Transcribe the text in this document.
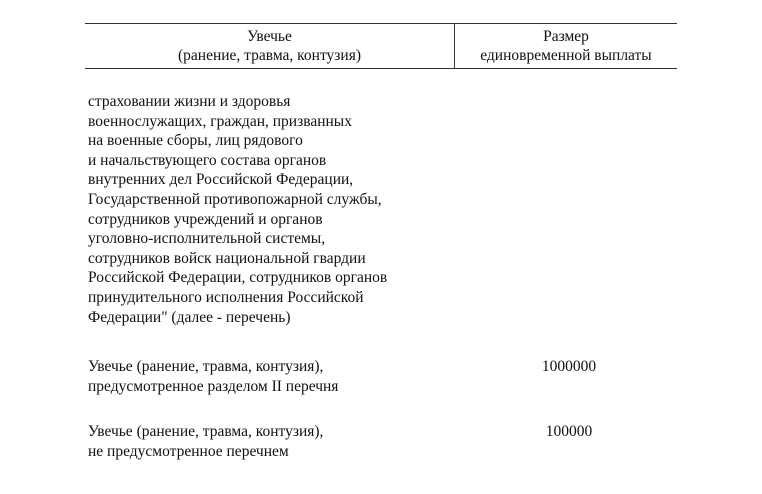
Увечье
(ранение, травма, контузия)
Размер
единовременной выплаты
страховании жизни и здоровья
военнослужащих, граждан, призванных
на военные сборы, лиц рядового
и начальствующего состава органов
внутренних дел Российской Федерации,
Государственной противопожарной службы,
сотрудников учреждений и органов
уголовно-исполнительной системы,
сотрудников войск национальной гвардии
Российской Федерации, сотрудников органов
принудительного исполнения Российской
Федерации" (далее - перечень)
Увечье (ранение, травма, контузия),
предусмотренное разделом II перечня
1000000
Увечье (ранение, травма, контузия),
не предусмотренное перечнем
100000
